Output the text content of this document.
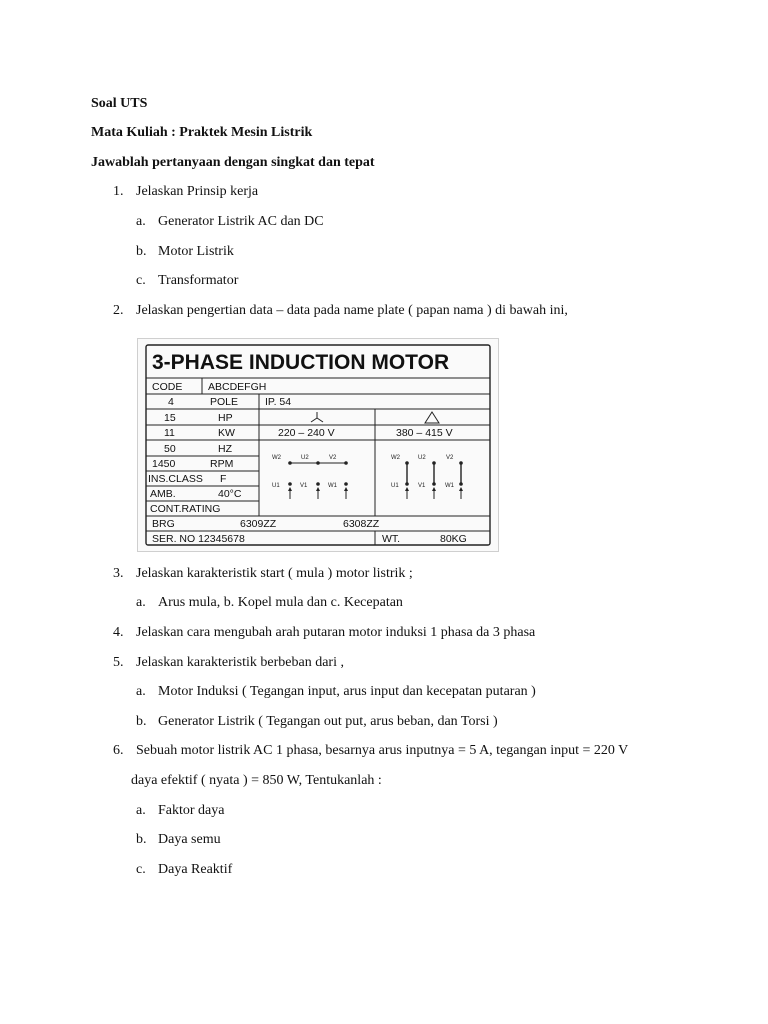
Soal UTS
Mata Kuliah : Praktek Mesin Listrik
Jawablah pertanyaan dengan singkat dan tepat
1. Jelaskan Prinsip kerja
a. Generator Listrik AC dan DC
b. Motor Listrik
c. Transformator
2. Jelaskan pengertian data – data pada name plate ( papan nama ) di bawah ini,
3-PHASE INDUCTION MOTOR
CODE ABCDEFGH
4	POLE	IP. 54
15	HP
11	KW	220 – 240 V	380 – 415 V
50	HZ
1450	RPM
INS.CLASS F
AMB.	40°C
CONT.RATING
BRG	6309ZZ	6308ZZ
SER. NO 12345678	WT.	80KG
W2	U2	V2
U1	V1	W1
W2	U2	V2
U1	V1	W1
3. Jelaskan karakteristik start ( mula ) motor listrik ;
a. Arus mula, b. Kopel mula dan c. Kecepatan
4. Jelaskan cara mengubah arah putaran motor induksi 1 phasa da 3 phasa
5. Jelaskan karakteristik berbeban dari ,
a. Motor Induksi ( Tegangan input, arus input dan kecepatan putaran )
b. Generator Listrik ( Tegangan out put, arus beban, dan Torsi )
6. Sebuah motor listrik AC 1 phasa, besarnya arus inputnya = 5 A, tegangan input = 220 V
daya efektif ( nyata ) = 850 W, Tentukanlah :
a. Faktor daya
b. Daya semu
c. Daya Reaktif
